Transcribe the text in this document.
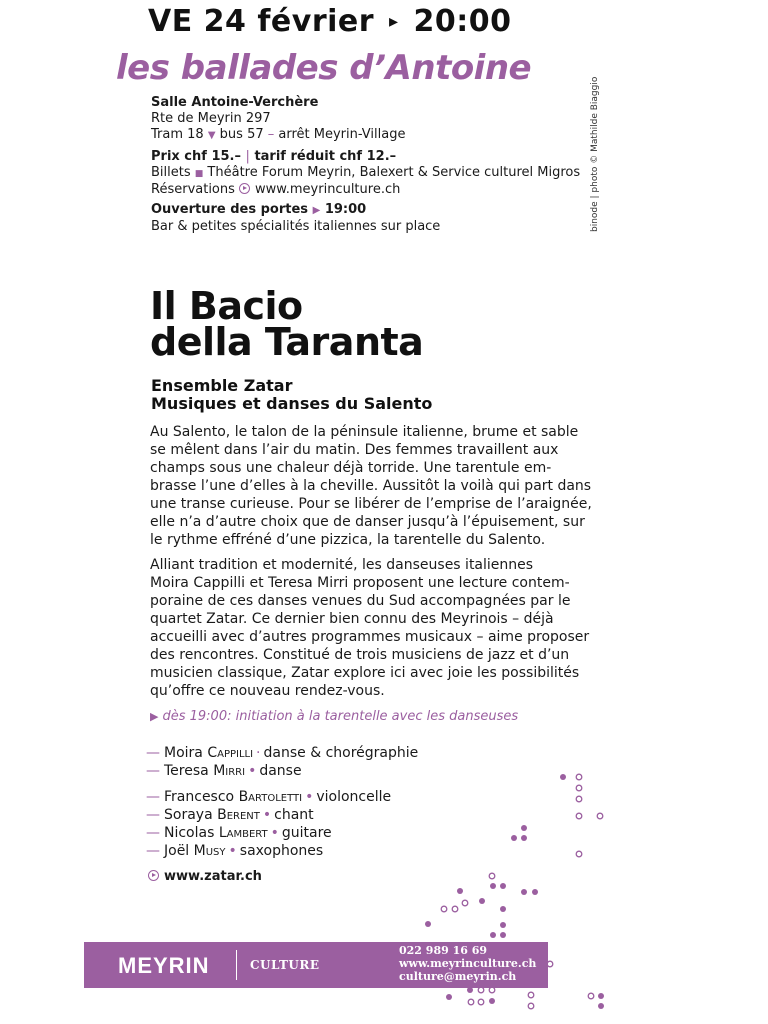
VE 24 février ▸ 20:00
les ballades d’Antoine
Salle Antoine-Verchère
Rte de Meyrin 297
Tram 18 ▼ bus 57 – arrêt Meyrin-Village
Prix chf 15.– | tarif réduit chf 12.–
Billets ■ Théâtre Forum Meyrin, Balexert & Service culturel Migros
Réservations www.meyrinculture.ch
Ouverture des portes ▶ 19:00
Bar & petites spécialités italiennes sur place	binode | photo © Mathilde Biaggio
Il Bacio
della Taranta
Ensemble Zatar
Musiques et danses du Salento
Au Salento, le talon de la péninsule italienne, brume et sable
se mêlent dans l’air du matin. Des femmes travaillent aux
champs sous une chaleur déjà torride. Une tarentule em-
brasse l’une d’elles à la cheville. Aussitôt la voilà qui part dans
une transe curieuse. Pour se libérer de l’emprise de l’araignée,
elle n’a d’autre choix que de danser jusqu’à l’épuisement, sur
le rythme effréné d’une pizzica, la tarentelle du Salento.
Alliant tradition et modernité, les danseuses italiennes
Moira Cappilli et Teresa Mirri proposent une lecture contem-
poraine de ces danses venues du Sud accompagnées par le
quartet Zatar. Ce dernier bien connu des Meyrinois – déjà
accueilli avec d’autres programmes musicaux – aime proposer
des rencontres. Constitué de trois musiciens de jazz et d’un
musicien classique, Zatar explore ici avec joie les possibilités
qu’offre ce nouveau rendez-vous.
▶ dès 19:00: initiation à la tarentelle avec les danseuses
— Moira Cappilli · danse & chorégraphie
— Teresa Mirri • danse
— Francesco Bartoletti • violoncelle
— Soraya Berent • chant
— Nicolas Lambert • guitare
— Joël Musy • saxophones
www.zatar.ch
MEYRIN	CULTURE
022 989 16 69
www.meyrinculture.ch
culture@meyrin.ch
